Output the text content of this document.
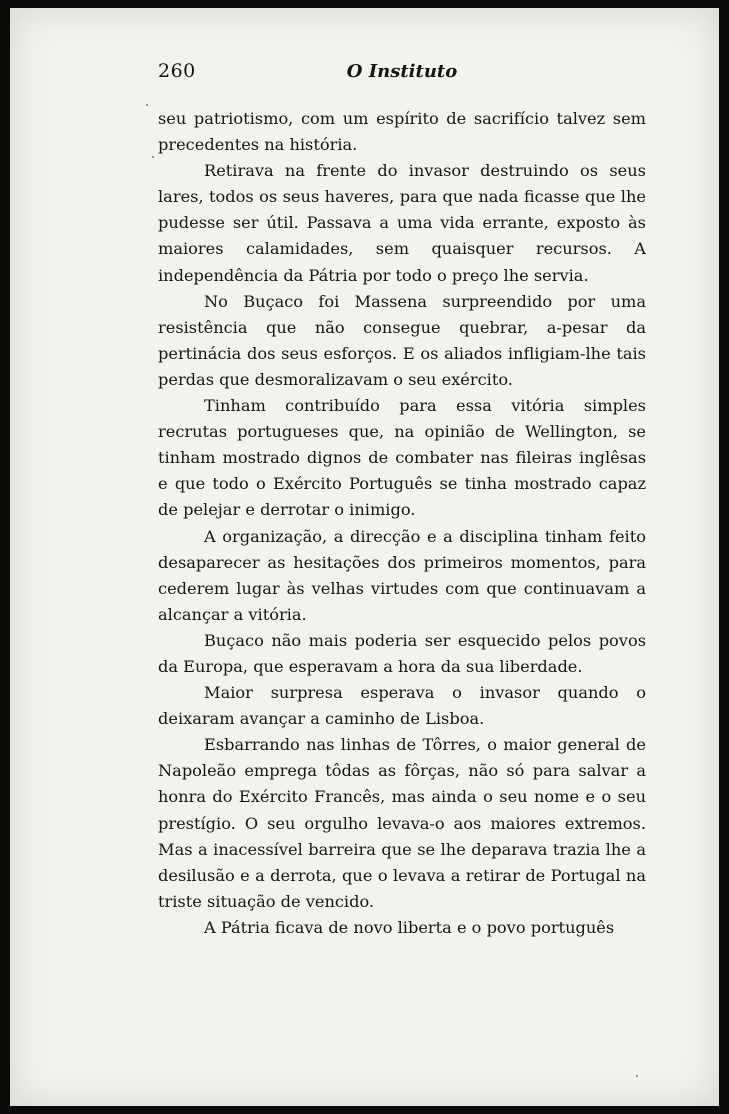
260	O Instituto

seu patriotismo, com um espírito de sacrifício talvez sem precedentes na história.

Retirava na frente do invasor destruindo os seus lares, todos os seus haveres, para que nada ficasse que lhe pudesse ser útil. Passava a uma vida errante, exposto às maiores calamidades, sem quaisquer recursos. A independência da Pátria por todo o preço lhe servia.

No Buçaco foi Massena surpreendido por uma resistência que não consegue quebrar, a-pesar da pertinácia dos seus esforços. E os aliados infligiam-lhe tais perdas que desmoralizavam o seu exército.

Tinham contribuído para essa vitória simples recrutas portugueses que, na opinião de Wellington, se tinham mostrado dignos de combater nas fileiras inglêsas e que todo o Exército Português se tinha mostrado capaz de pelejar e derrotar o inimigo.

A organização, a direcção e a disciplina tinham feito desaparecer as hesitações dos primeiros momentos, para cederem lugar às velhas virtudes com que continuavam a alcançar a vitória.

Buçaco não mais poderia ser esquecido pelos povos da Europa, que esperavam a hora da sua liberdade.

Maior surpresa esperava o invasor quando o deixaram avançar a caminho de Lisboa.

Esbarrando nas linhas de Tôrres, o maior general de Napoleão emprega tôdas as fôrças, não só para salvar a honra do Exército Francês, mas ainda o seu nome e o seu prestígio. O seu orgulho levava-o aos maiores extremos. Mas a inacessível barreira que se lhe deparava trazia lhe a desilusão e a derrota, que o levava a retirar de Portugal na triste situação de vencido.

A Pátria ficava de novo liberta e o povo português
